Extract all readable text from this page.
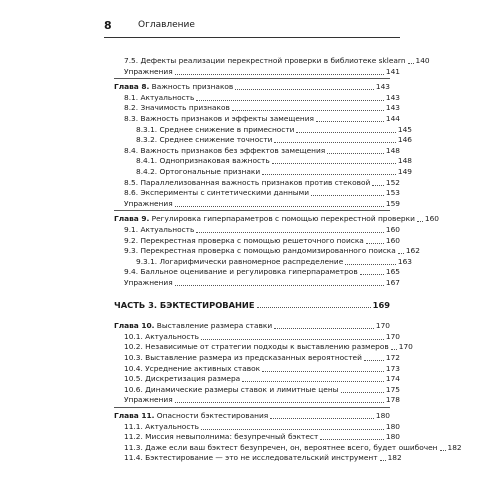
8	Оглавление
7.5. Дефекты реализации перекрестной проверки в библиотеке sklearn 140
Упражнения	141
Глава 8. Важность признаков	143
8.1. Актуальность	143
8.2. Значимость признаков	143
8.3. Важность признаков и эффекты замещения	144
8.3.1. Среднее снижение в примесности	145
8.3.2. Среднее снижение точности	146
8.4. Важность признаков без эффектов замещения	148
8.4.1. Однопризнаковая важность	148
8.4.2. Ортогональные признаки	149
8.5. Параллелизованная важность признаков против стековой 152
8.6. Эксперименты с синтетическими данными	153
Упражнения	159
Глава 9. Регулировка гиперпараметров с помощью перекрестной проверки 160
9.1. Актуальность	160
9.2. Перекрестная проверка с помощью решеточного поиска	160
9.3. Перекрестная проверка с помощью рандомизированного поиска 162
9.3.1. Логарифмически равномерное распределение	163
9.4. Балльное оценивание и регулировка гиперпараметров	165
Упражнения	167
ЧАСТЬ 3. БЭКТЕСТИРОВАНИЕ	169
Глава 10. Выставление размера ставки	170
10.1. Актуальность	170
10.2. Независимые от стратегии подходы к выставлению размеров 170
10.3. Выставление размера из предсказанных вероятностей	172
10.4. Усреднение активных ставок	173
10.5. Дискретизация размера	174
10.6. Динамические размеры ставок и лимитные цены	175
Упражнения	178
Глава 11. Опасности бэктестирования	180
11.1. Актуальность	180
11.2. Миссия невыполнима: безупречный бэктест	180
11.3. Даже если ваш бэктест безупречен, он, вероятнее всего, будет ошибочен 182
11.4. Бэктестирование — это не исследовательский инструмент 182
